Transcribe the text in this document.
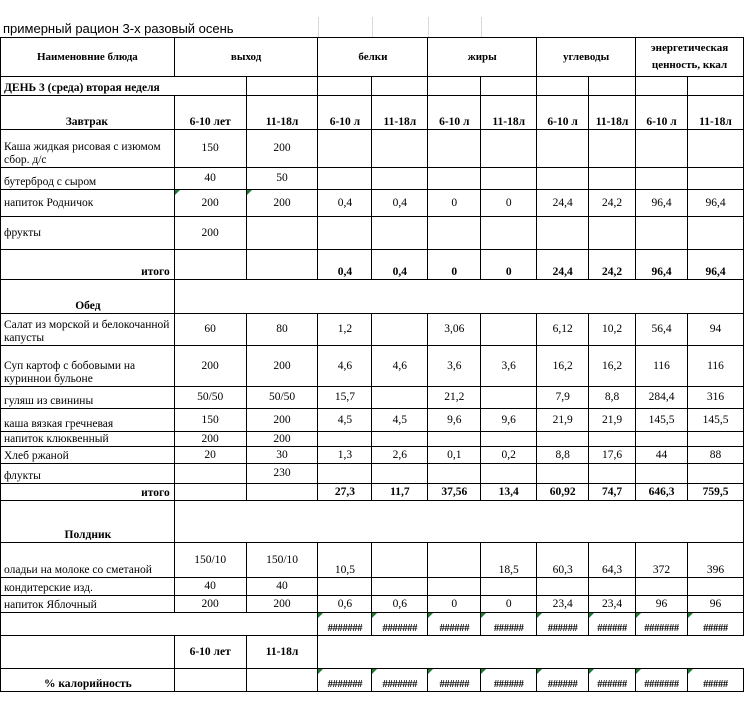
примерный рацион 3-х разовый осень
Наименовние блюда	выход		белки		жиры		углеводы		энергетическая ценность, ккал	
ДЕНЬ 3 (среда) вторая неделя										
Завтрак	6-10 лет	11-18л	6-10 л	11-18л	6-10 л	11-18л	6-10 л	11-18л	6-10 л	11-18л
Каша жидкая рисовая с изюмом сбор. д/с	150	200								
бутерброд с сыром	40	50								
напиток Родничок	200	200	0,4	0,4	0	0	24,4	24,2	96,4	96,4
фрукты	200									
итого			0,4	0,4	0	0	24,4	24,2	96,4	96,4
Обед										
Салат из морской и белокочанной капусты	60	80	1,2		3,06		6,12	10,2	56,4	94
Суп картоф с бобовыми на куриннои бульоне	200	200	4,6	4,6	3,6	3,6	16,2	16,2	116	116
гуляш из свинины	50/50	50/50	15,7		21,2		7,9	8,8	284,4	316
каша вязкая гречневая	150	200	4,5	4,5	9,6	9,6	21,9	21,9	145,5	145,5
напиток клюквенный	200	200								
Хлеб ржаной	20	30	1,3	2,6	0,1	0,2	8,8	17,6	44	88
флукты		230								
итого			27,3	11,7	37,56	13,4	60,92	74,7	646,3	759,5
Полдник										
оладьи на молоке со сметаной	150/10	150/10	10,5			18,5	60,3	64,3	372	396
кондитерские изд.	40	40								
напиток Яблочный	200	200	0,6	0,6	0	0	23,4	23,4	96	96
			#######	#######	######	######	######	######	#######	#####
	6-10 лет	11-18л								
% калорийность			#######	#######	######	######	######	######	#######	#####
